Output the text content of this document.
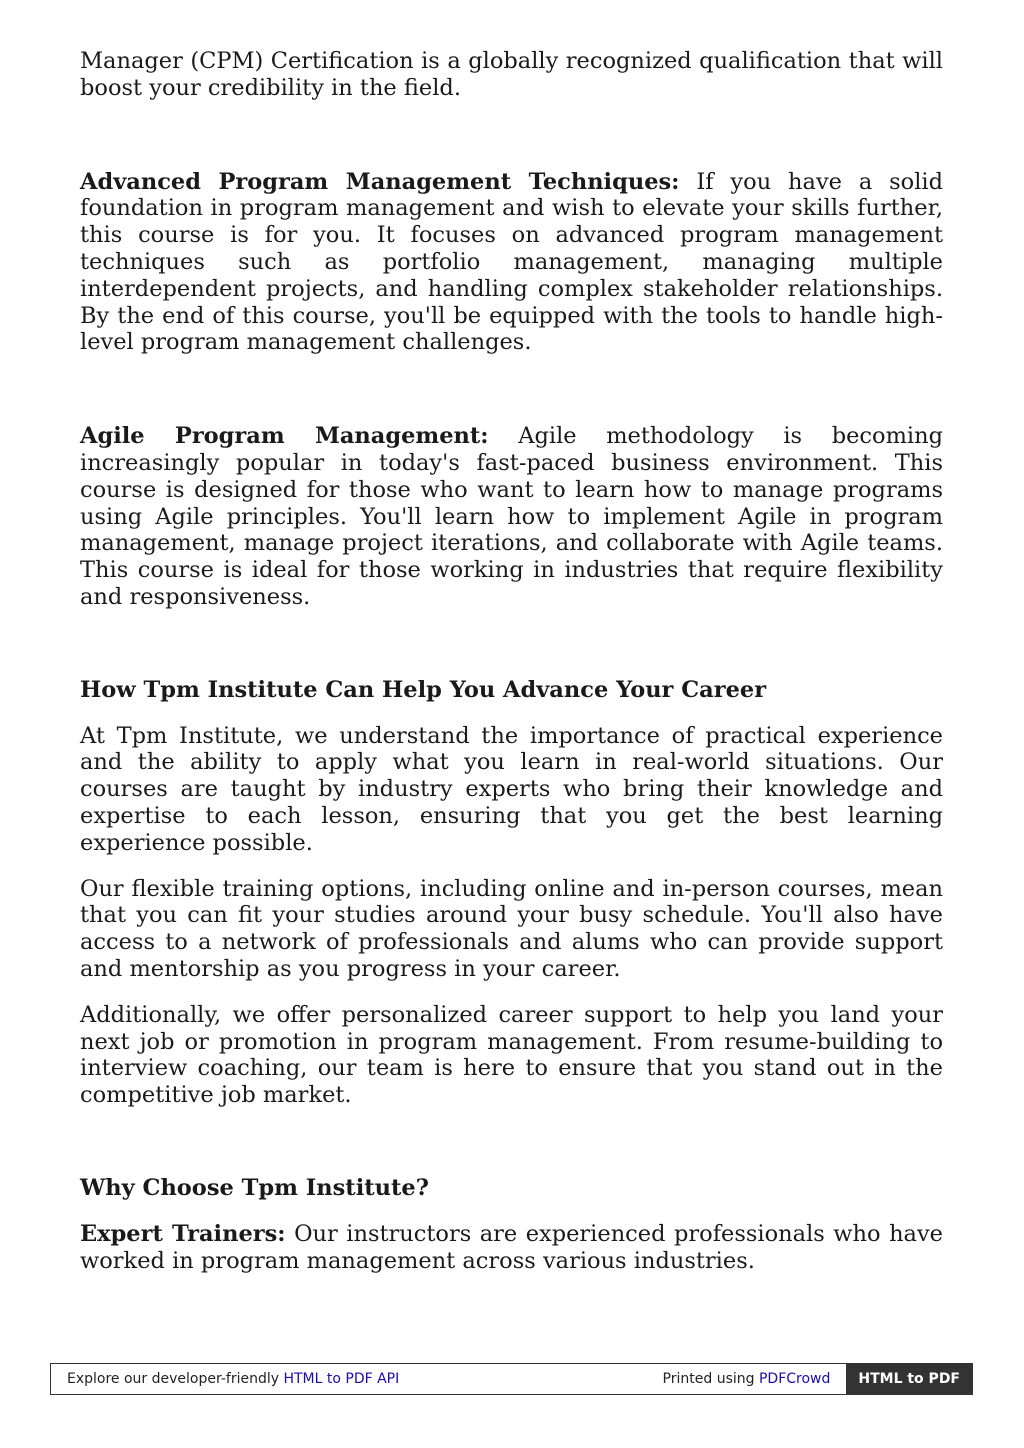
Manager (CPM) Certification is a globally recognized qualification that will boost your credibility in the field.

Advanced Program Management Techniques: If you have a solid foundation in program management and wish to elevate your skills further, this course is for you. It focuses on advanced program management techniques such as portfolio management, managing multiple interdependent projects, and handling complex stakeholder relationships. By the end of this course, you'll be equipped with the tools to handle high-level program management challenges.

Agile Program Management: Agile methodology is becoming increasingly popular in today's fast-paced business environment. This course is designed for those who want to learn how to manage programs using Agile principles. You'll learn how to implement Agile in program management, manage project iterations, and collaborate with Agile teams. This course is ideal for those working in industries that require flexibility and responsiveness.

How Tpm Institute Can Help You Advance Your Career

At Tpm Institute, we understand the importance of practical experience and the ability to apply what you learn in real-world situations. Our courses are taught by industry experts who bring their knowledge and expertise to each lesson, ensuring that you get the best learning experience possible.

Our flexible training options, including online and in-person courses, mean that you can fit your studies around your busy schedule. You'll also have access to a network of professionals and alums who can provide support and mentorship as you progress in your career.

Additionally, we offer personalized career support to help you land your next job or promotion in program management. From resume-building to interview coaching, our team is here to ensure that you stand out in the competitive job market.

Why Choose Tpm Institute?

Expert Trainers: Our instructors are experienced professionals who have worked in program management across various industries.

Explore our developer-friendly HTML to PDF API	Printed using PDFCrowd	HTML to PDF
